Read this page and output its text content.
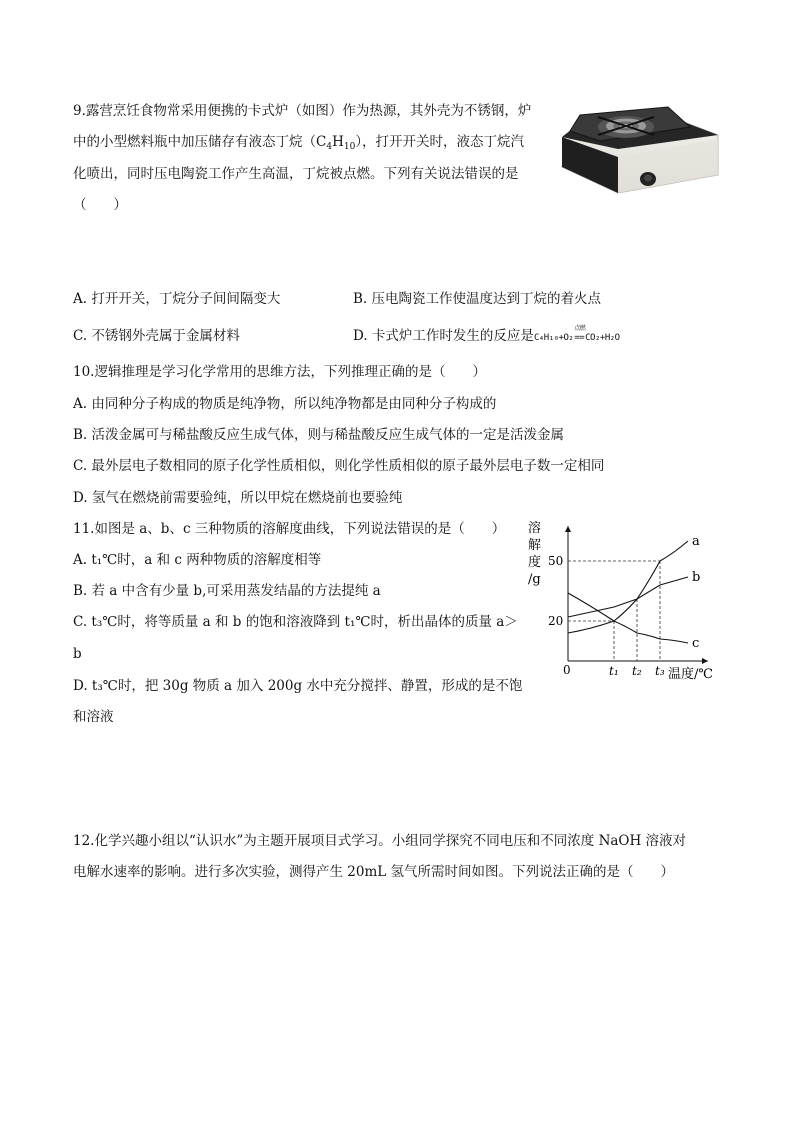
9.露营烹饪食物常采用便携的卡式炉（如图）作为热源，其外壳为不锈钢，炉
中的小型燃料瓶中加压储存有液态丁烷$(C_4H_{10})$，打开开关时，液态丁烷汽
化喷出，同时压电陶瓷工作产生高温，丁烷被点燃。下列有关说法错误的是
（　　）
A. 打开开关，丁烷分子间间隔变大	B. 压电陶瓷工作使温度达到丁烷的着火点
C. 不锈钢外壳属于金属材料	D. 卡式炉工作时发生的反应是C₄H₁₀+O₂
点燃
==CO₂+H₂O
10.逻辑推理是学习化学常用的思维方法，下列推理正确的是（　　）
A. 由同种分子构成的物质是纯净物，所以纯净物都是由同种分子构成的
B. 活泼金属可与稀盐酸反应生成气体，则与稀盐酸反应生成气体的一定是活泼金属
C. 最外层电子数相同的原子化学性质相似，则化学性质相似的原子最外层电子数一定相同
D. 氢气在燃烧前需要验纯，所以甲烷在燃烧前也要验纯
11.如图是 a、b、c 三种物质的溶解度曲线，下列说法错误的是（　　）
A. t₁℃时，a 和 c 两种物质的溶解度相等
B. 若 a 中含有少量 b,可采用蒸发结晶的方法提纯 a
C. t₃℃时，将等质量 a 和 b 的饱和溶液降到 t₁℃时，析出晶体的质量 a＞
b
D. t₃℃时，把 30g 物质 a 加入 200g 水中充分搅拌、静置，形成的是不饱
和溶液
溶
解
度
/g
温度/℃
0
50
20
t₁ t₂ t₃
a
b
c
12.化学兴趣小组以“认识水”为主题开展项目式学习。小组同学探究不同电压和不同浓度 NaOH 溶液对
电解水速率的影响。进行多次实验，测得产生 20mL 氢气所需时间如图。下列说法正确的是（　　）
